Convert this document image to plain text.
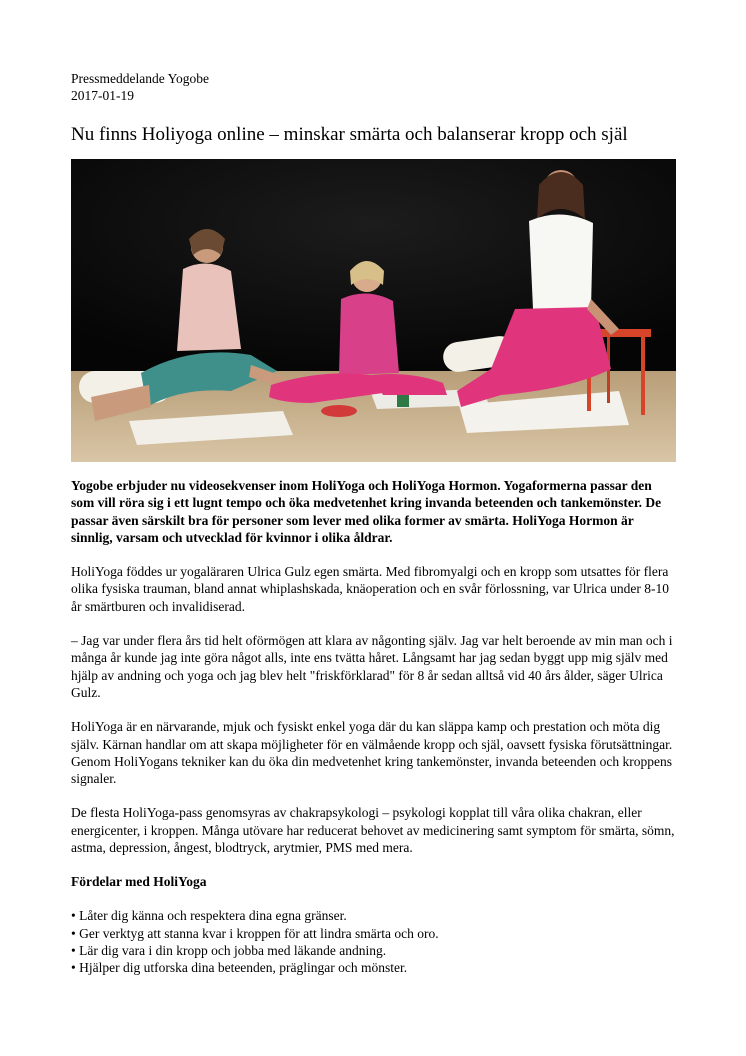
Pressmeddelande Yogobe
2017-01-19
Nu finns Holiyoga online – minskar smärta och balanserar kropp och själ

Yogobe erbjuder nu videosekvenser inom HoliYoga och HoliYoga Hormon. Yogaformerna passar den som vill röra sig i ett lugnt tempo och öka medvetenhet kring invanda beteenden och tankemönster. De passar även särskilt bra för personer som lever med olika former av smärta. HoliYoga Hormon är sinnlig, varsam och utvecklad för kvinnor i olika åldrar.

HoliYoga föddes ur yogaläraren Ulrica Gulz egen smärta. Med fibromyalgi och en kropp som utsattes för flera olika fysiska trauman, bland annat whiplashskada, knäoperation och en svår förlossning, var Ulrica under 8-10 år smärtburen och invalidiserad.

– Jag var under flera års tid helt oförmögen att klara av någonting själv. Jag var helt beroende av min man och i många år kunde jag inte göra något alls, inte ens tvätta håret. Långsamt har jag sedan byggt upp mig själv med hjälp av andning och yoga och jag blev helt "friskförklarad" för 8 år sedan alltså vid 40 års ålder, säger Ulrica Gulz.

HoliYoga är en närvarande, mjuk och fysiskt enkel yoga där du kan släppa kamp och prestation och möta dig själv. Kärnan handlar om att skapa möjligheter för en välmående kropp och själ, oavsett fysiska förutsättningar. Genom HoliYogans tekniker kan du öka din medvetenhet kring tankemönster, invanda beteenden och kroppens signaler.

De flesta HoliYoga-pass genomsyras av chakrapsykologi – psykologi kopplat till våra olika chakran, eller energicenter, i kroppen. Många utövare har reducerat behovet av medicinering samt symptom för smärta, sömn, astma, depression, ångest, blodtryck, arytmier, PMS med mera.

Fördelar med HoliYoga
• Låter dig känna och respektera dina egna gränser.
• Ger verktyg att stanna kvar i kroppen för att lindra smärta och oro.
• Lär dig vara i din kropp och jobba med läkande andning.
• Hjälper dig utforska dina beteenden, präglingar och mönster.
